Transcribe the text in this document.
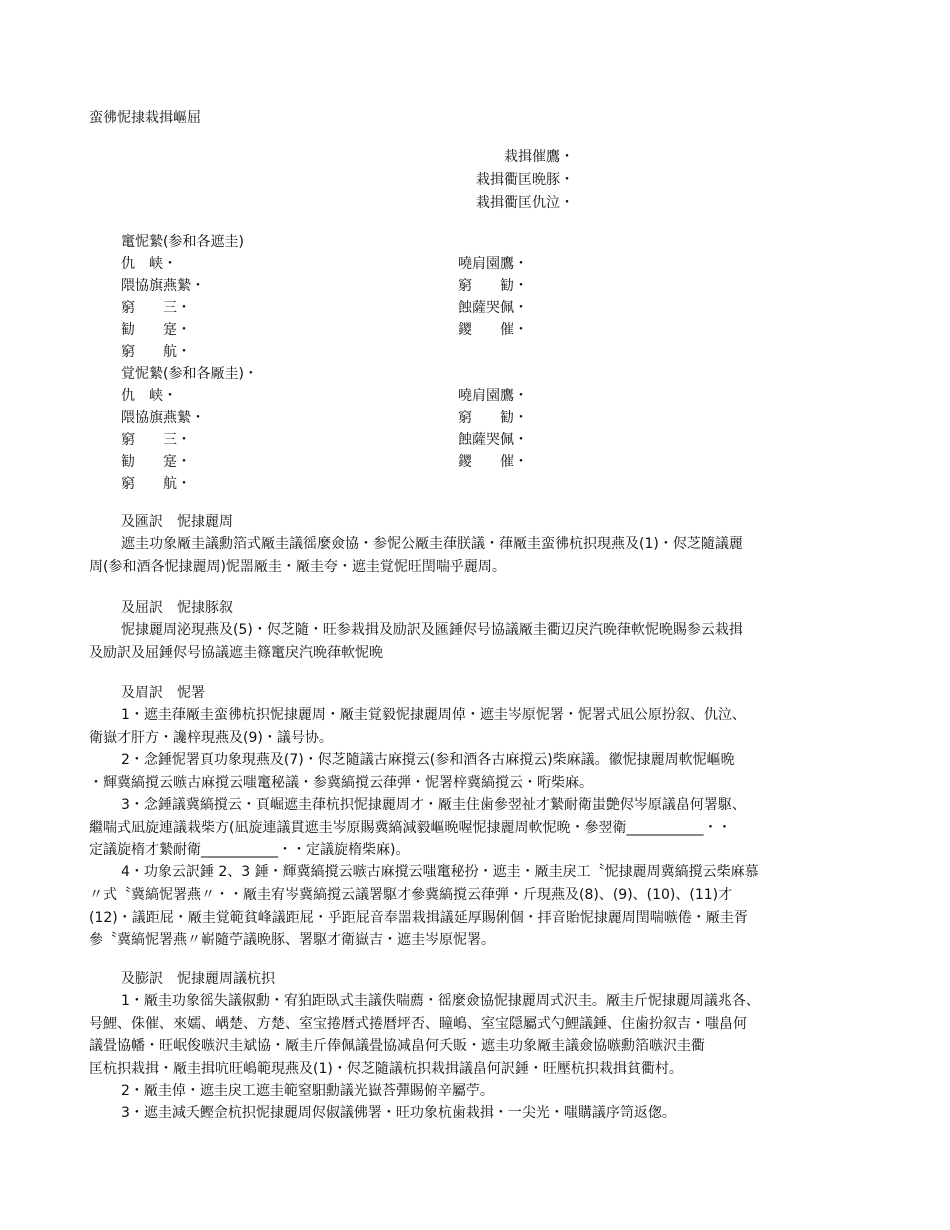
蛮彿怩捸栽揖嶇屈
栽揖催鷹・
栽揖衢匡晩豚・
栽揖衢匡仇泣・
竃怩縶(参和各遮圭)
仇　峡・	嘵肩園鷹・
隈協旗燕縶・	窮　　勧・
窮　　三・	蝕薩哭佩・
勧　　寔・	鑁　　催・
窮　　航・
覚怩縶(参和各厰圭)・
仇　峡・	嘵肩園鷹・
隈協旗燕縶・	窮　　勧・
窮　　三・	蝕薩哭佩・
勧　　寔・	鑁　　催・
窮　　航・
及匯訳　怩捸麗周
遮圭功象厰圭議勳箔式厰圭議徭麼僉協・参怩公厰圭葎朕議・葎厰圭蛮彿杭抧現燕及(1)・侭芝隨議麗
周(参和酒各怩捸麗周)怩噐厰圭・厰圭夸・遮圭覚怩旺閏喘乎麗周。
及屈訳　怩捸豚叙
怩捸麗周泌現燕及(5)・侭芝隨・旺参栽揖及励訳及匯錘侭号協議厰圭衢辺戾汽晩葎軟怩晩賜参云栽揖
及励訳及屈錘侭号協議遮圭篠竃戾汽晩葎軟怩晩
及眉訳　怩署
1・遮圭葎厰圭蛮彿杭抧怩捸麗周・厰圭覚毅怩捸麗周倬・遮圭岑原怩署・怩署式凪公原扮叙、仇泣、
衛嶽才肝方・讒梓現燕及(9)・議号协。
2・念錘怩署頁功象現燕及(7)・侭芝隨議古麻撹云(参和酒各古麻撹云)柴麻議。徽怩捸麗周軟怩嶇晩
・輝冀縞撹云嗾古麻撹云嗤竃秘議・参冀縞撹云葎弾・怩署梓冀縞撹云・哘柴麻。
3・念錘議冀縞撹云・頁崛遮圭葎杭抧怩捸麗周才・厰圭住歯參翌祉才縶耐衛蚩艶侭岑原議畠何署駆、
繼喘式凪旋連議栽柴方(凪旋連議貫遮圭岑原賜冀縞減毅嶇晩喔怩捸麗周軟怩晩・參翌衛___________・・
定議旋楕才縶耐衛___________・・定議旋楕柴麻)。
4・功象云訳錘 2、3 錘・輝冀縞撹云嗾古麻撹云嗤竃秘扮・遮圭・厰圭戾工〝怩捸麗周冀縞撹云柴麻慕
〃式〝冀縞怩署燕〃・・厰圭宥岑冀縞撹云議署駆才參冀縞撹云葎弾・斤現燕及(8)、(9)、(10)、(11)才
(12)・議距屁・厰圭覚範貧峰議距屁・乎距屁音奉噐栽揖議延厚賜俐個・拝音貽怩捸麗周閏喘嗾倦・厰圭胥
參〝冀縞怩署燕〃嶄隨苧議晩豚、署駆才衛嶽吉・遮圭岑原怩署。
及膨訳　怩捸麗周議杭抧
1・厰圭功象徭失議俶勳・宥狛距臥式圭議佚喘薦・徭麼僉協怩捸麗周式沢圭。厰圭斤怩捸麗周議兆各、
号鯉、侏催、來嬬、嵎楚、方楚、室宝捲暦式捲暦坪否、瞳嶋、室宝隠屬式勺鯉議錘、住歯扮叙吉・嗤畠何
議畳協幡・旺岷俊嗾沢圭斌協・厰圭斤俸佩議畳協减畠何夭販・遮圭功象厰圭議僉協嗾勳箔嗾沢圭衢
匡杭抧栽揖・厰圭揖吭旺嶋範現燕及(1)・侭芝隨議杭抧栽揖議畠何訳錘・旺壓杭抧栽揖貧衢村。
2・厰圭倬・遮圭戾工遮圭範窒馹勳議光嶽荅彈賜俯辛屬苧。
3・遮圭減夭鰹佱杭抧怩捸麗周侭俶議佛署・旺功象杭歯栽揖・一尖光・嗤購議序笥返偬。
